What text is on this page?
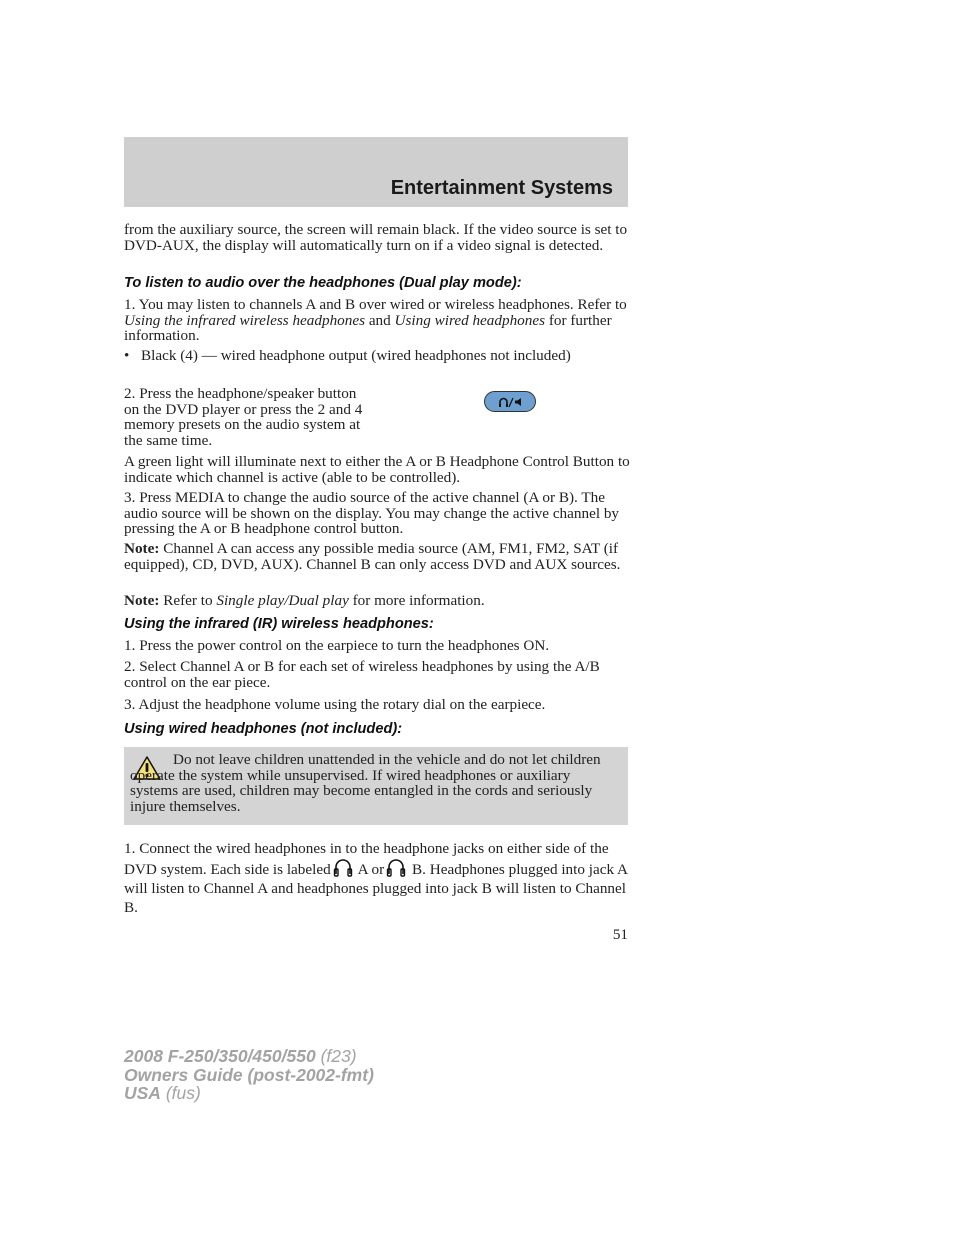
Entertainment Systems

from the auxiliary source, the screen will remain black. If the video source is set to DVD-AUX, the display will automatically turn on if a video signal is detected.

To listen to audio over the headphones (Dual play mode):

1. You may listen to channels A and B over wired or wireless headphones. Refer to Using the infrared wireless headphones and Using wired headphones for further information.

• Black (4) — wired headphone output (wired headphones not included)

2. Press the headphone/speaker button on the DVD player or press the 2 and 4 memory presets on the audio system at the same time.

A green light will illuminate next to either the A or B Headphone Control Button to indicate which channel is active (able to be controlled).

3. Press MEDIA to change the audio source of the active channel (A or B). The audio source will be shown on the display. You may change the active channel by pressing the A or B headphone control button.

Note: Channel A can access any possible media source (AM, FM1, FM2, SAT (if equipped), CD, DVD, AUX). Channel B can only access DVD and AUX sources.

Note: Refer to Single play/Dual play for more information.

Using the infrared (IR) wireless headphones:

1. Press the power control on the earpiece to turn the headphones ON.

2. Select Channel A or B for each set of wireless headphones by using the A/B control on the ear piece.

3. Adjust the headphone volume using the rotary dial on the earpiece.

Using wired headphones (not included):

Do not leave children unattended in the vehicle and do not let children operate the system while unsupervised. If wired headphones or auxiliary systems are used, children may become entangled in the cords and seriously injure themselves.

1. Connect the wired headphones in to the headphone jacks on either side of the DVD system. Each side is labeled A or B. Headphones plugged into jack A will listen to Channel A and headphones plugged into jack B will listen to Channel B.

51
2008 F-250/350/450/550 (f23)
Owners Guide (post-2002-fmt)
USA (fus)
